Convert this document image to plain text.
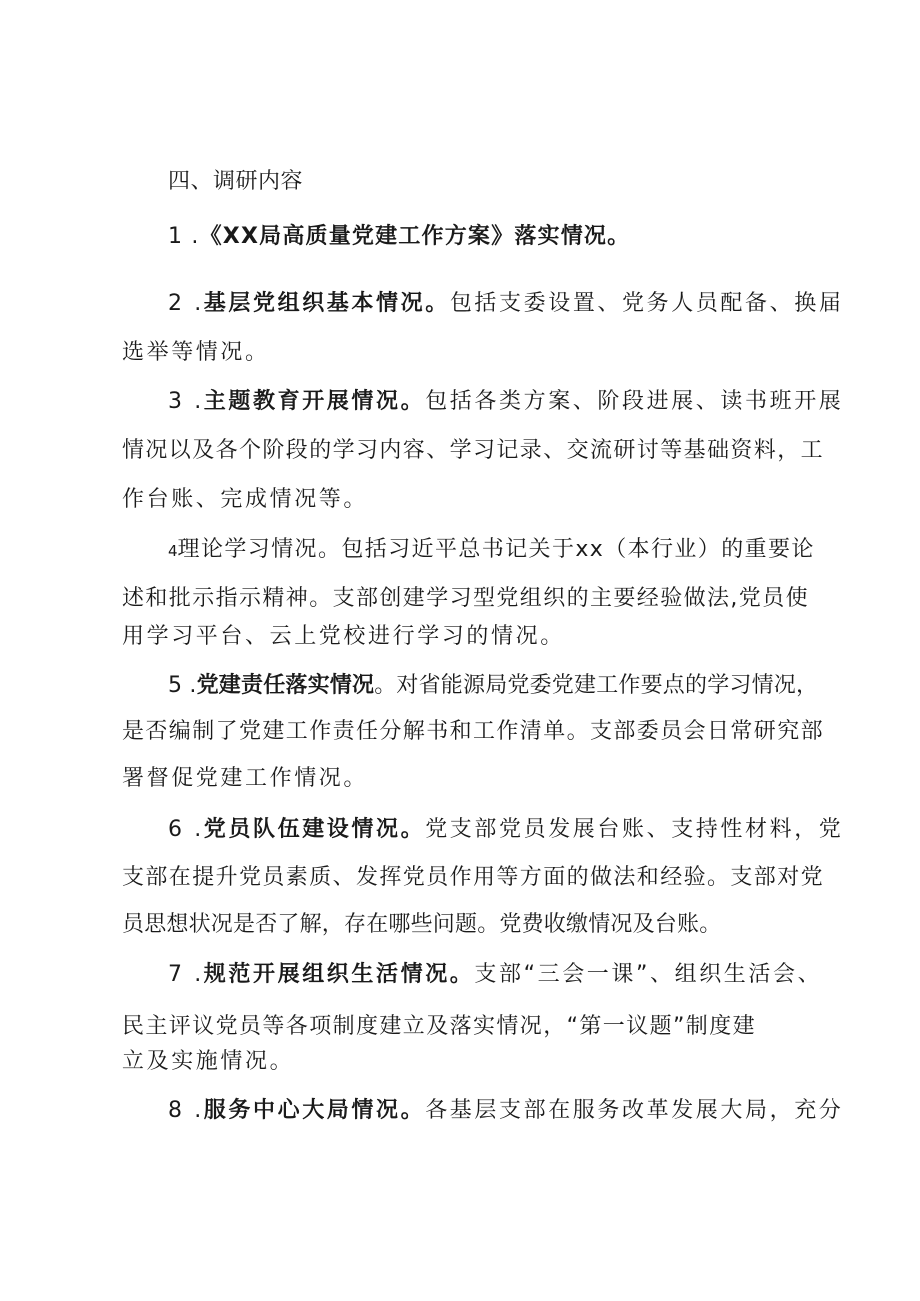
四、调研内容
1 .《XX局高质量党建工作方案》落实情况。
2 .基层党组织基本情况。包括支委设置、党务人员配备、换届
选举等情况。
3 .主题教育开展情况。包括各类方案、阶段进展、读书班开展
情况以及各个阶段的学习内容、学习记录、交流研讨等基础资料，工
作台账、完成情况等。
4理论学习情况。包括习近平总书记关于xx（本行业）的重要论
述和批示指示精神。支部创建学习型党组织的主要经验做法,党员使
用学习平台、云上党校进行学习的情况。
5 .党建责任落实情况。对省能源局党委党建工作要点的学习情况，
是否编制了党建工作责任分解书和工作清单。支部委员会日常研究部
署督促党建工作情况。
6 .党员队伍建设情况。党支部党员发展台账、支持性材料，党
支部在提升党员素质、发挥党员作用等方面的做法和经验。支部对党
员思想状况是否了解，存在哪些问题。党费收缴情况及台账。
7 .规范开展组织生活情况。支部“三会一课”、组织生活会、
民主评议党员等各项制度建立及落实情况，“第一议题”制度建
立及实施情况。
8 .服务中心大局情况。各基层支部在服务改革发展大局，充分
